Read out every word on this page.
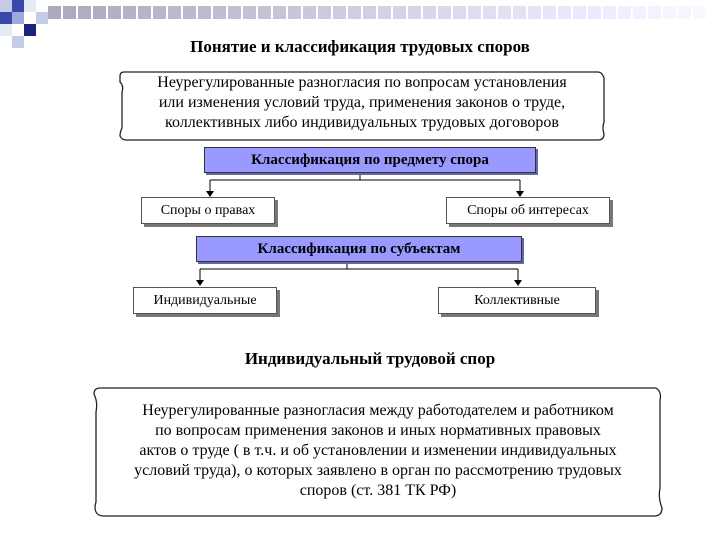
Понятие и классификация трудовых споров
Неурегулированные разногласия по вопросам установления
или изменения условий труда, применения законов о труде,
коллективных либо индивидуальных трудовых договоров
Классификация по предмету спора
Споры о правах	Споры об интересах
Классификация по субъектам
Индивидуальные	Коллективные
Индивидуальный трудовой спор
Неурегулированные разногласия между работодателем и работником
по вопросам применения законов и иных нормативных правовых
актов о труде ( в т.ч. и об установлении и изменении индивидуальных
условий труда), о которых заявлено в орган по рассмотрению трудовых
споров (ст. 381 ТК РФ)
